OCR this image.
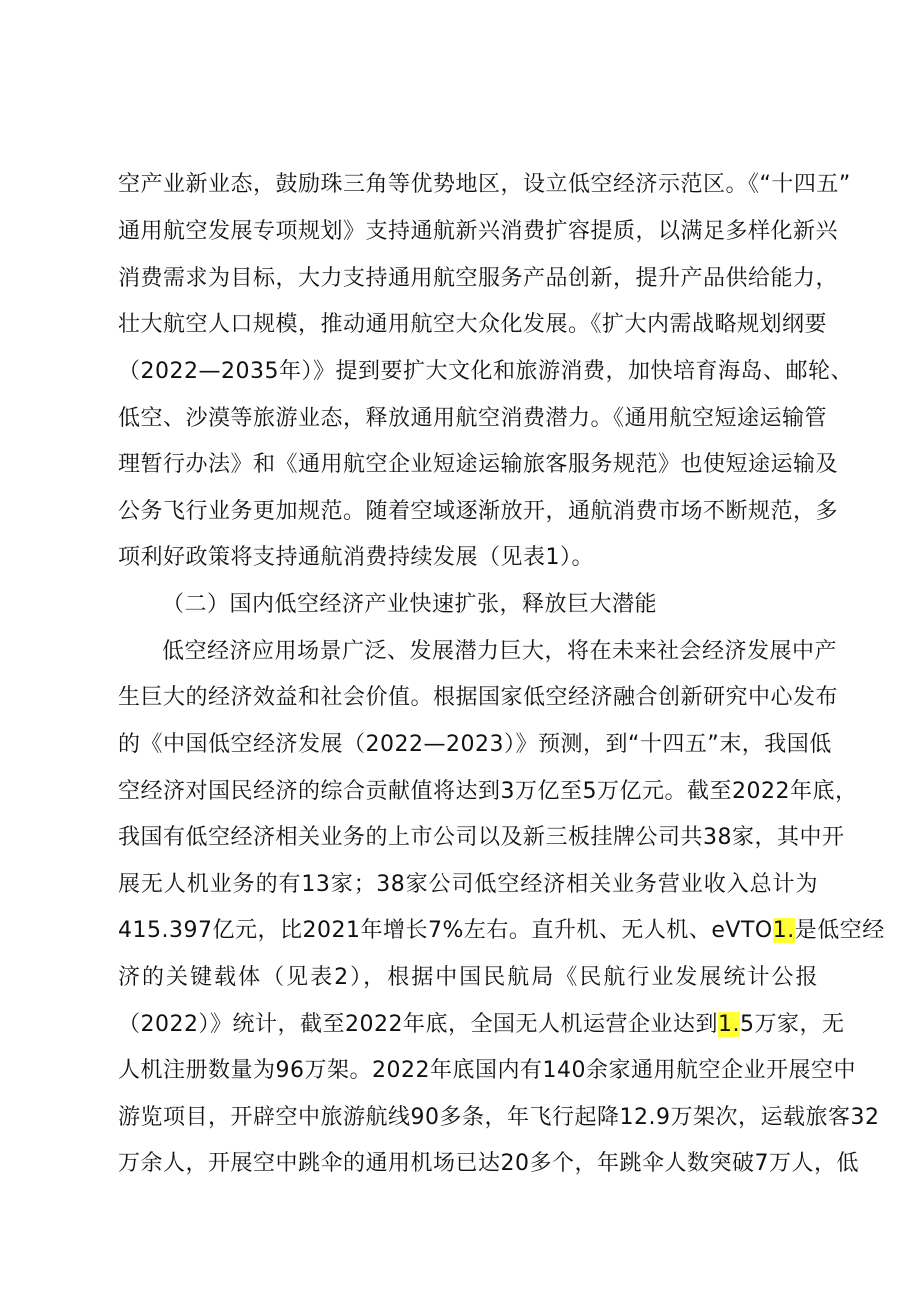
空产业新业态，鼓励珠三角等优势地区，设立低空经济示范区。《“十四五”
通用航空发展专项规划》支持通航新兴消费扩容提质，以满足多样化新兴
消费需求为目标，大力支持通用航空服务产品创新，提升产品供给能力，
壮大航空人口规模，推动通用航空大众化发展。《扩大内需战略规划纲要
（2022—2035年）》提到要扩大文化和旅游消费，加快培育海岛、邮轮、
低空、沙漠等旅游业态，释放通用航空消费潜力。《通用航空短途运输管
理暂行办法》和《通用航空企业短途运输旅客服务规范》也使短途运输及
公务飞行业务更加规范。随着空域逐渐放开，通航消费市场不断规范，多
项利好政策将支持通航消费持续发展（见表1）。
（二）国内低空经济产业快速扩张，释放巨大潜能
低空经济应用场景广泛、发展潜力巨大，将在未来社会经济发展中产
生巨大的经济效益和社会价值。根据国家低空经济融合创新研究中心发布
的《中国低空经济发展（2022—2023）》预测，到“十四五”末，我国低
空经济对国民经济的综合贡献值将达到3万亿至5万亿元。截至2022年底，
我国有低空经济相关业务的上市公司以及新三板挂牌公司共38家，其中开
展无人机业务的有13家；38家公司低空经济相关业务营业收入总计为
415.397亿元，比2021年增长7%左右。直升机、无人机、eVTO1.是低空经
济的关键载体（见表2），根据中国民航局《民航行业发展统计公报
（2022）》统计，截至2022年底，全国无人机运营企业达到1.5万家，无
人机注册数量为96万架。2022年底国内有140余家通用航空企业开展空中
游览项目，开辟空中旅游航线90多条，年飞行起降12.9万架次，运载旅客32
万余人，开展空中跳伞的通用机场已达20多个，年跳伞人数突破7万人，低
